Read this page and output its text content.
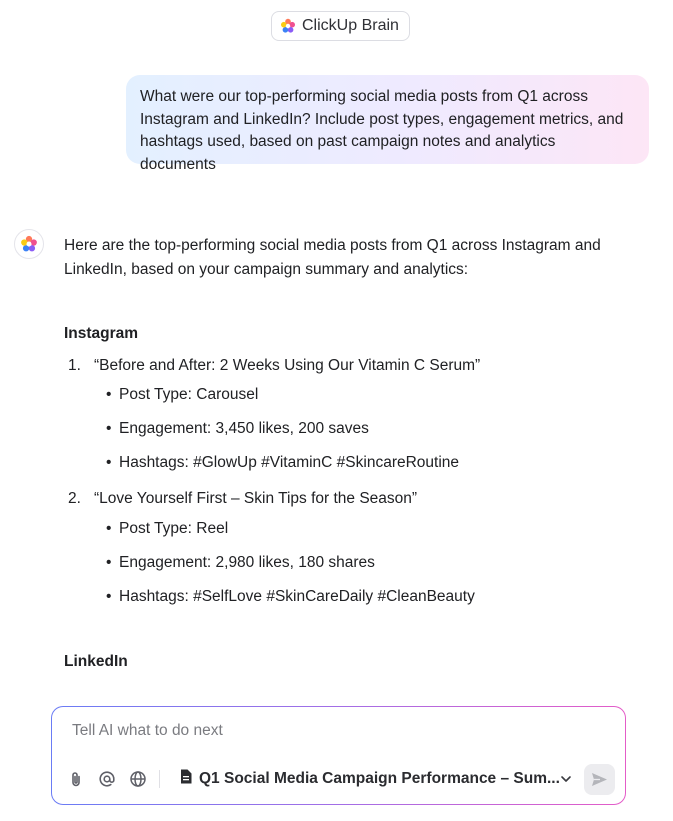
ClickUp Brain
What were our top-performing social media posts from Q1 across Instagram and LinkedIn? Include post types, engagement metrics, and hashtags used, based on past campaign notes and analytics documents

Here are the top-performing social media posts from Q1 across Instagram and LinkedIn, based on your campaign summary and analytics:

Instagram
1. “Before and After: 2 Weeks Using Our Vitamin C Serum”
• Post Type: Carousel
• Engagement: 3,450 likes, 200 saves
• Hashtags: #GlowUp #VitaminC #SkincareRoutine
2. “Love Yourself First – Skin Tips for the Season”
• Post Type: Reel
• Engagement: 2,980 likes, 180 shares
• Hashtags: #SelfLove #SkinCareDaily #CleanBeauty
LinkedIn
Tell AI what to do next
Q1 Social Media Campaign Performance – Sum...
